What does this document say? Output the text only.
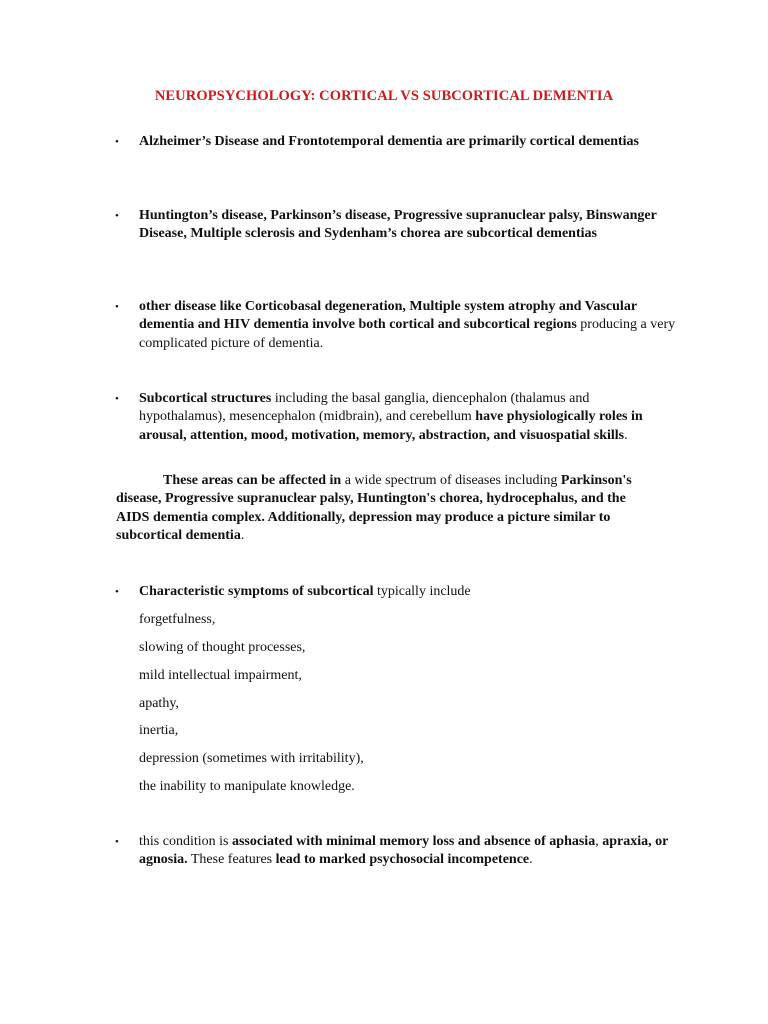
NEUROPSYCHOLOGY: CORTICAL VS SUBCORTICAL DEMENTIA
•	Alzheimer’s Disease and Frontotemporal dementia are primarily cortical dementias
•	Huntington’s disease, Parkinson’s disease, Progressive supranuclear palsy, Binswanger Disease, Multiple sclerosis and Sydenham’s chorea are subcortical dementias
•	other disease like Corticobasal degeneration, Multiple system atrophy and Vascular dementia and HIV dementia involve both cortical and subcortical regions producing a very complicated picture of dementia.
•	Subcortical structures including the basal ganglia, diencephalon (thalamus and hypothalamus), mesencephalon (midbrain), and cerebellum have physiologically roles in arousal, attention, mood, motivation, memory, abstraction, and visuospatial skills.
These areas can be affected in a wide spectrum of diseases including Parkinson's disease, Progressive supranuclear palsy, Huntington's chorea, hydrocephalus, and the AIDS dementia complex. Additionally, depression may produce a picture similar to subcortical dementia.
•	Characteristic symptoms of subcortical typically include
forgetfulness,
slowing of thought processes,
mild intellectual impairment,
apathy,
inertia,
depression (sometimes with irritability),
the inability to manipulate knowledge.
•	this condition is associated with minimal memory loss and absence of aphasia, apraxia, or agnosia. These features lead to marked psychosocial incompetence.
